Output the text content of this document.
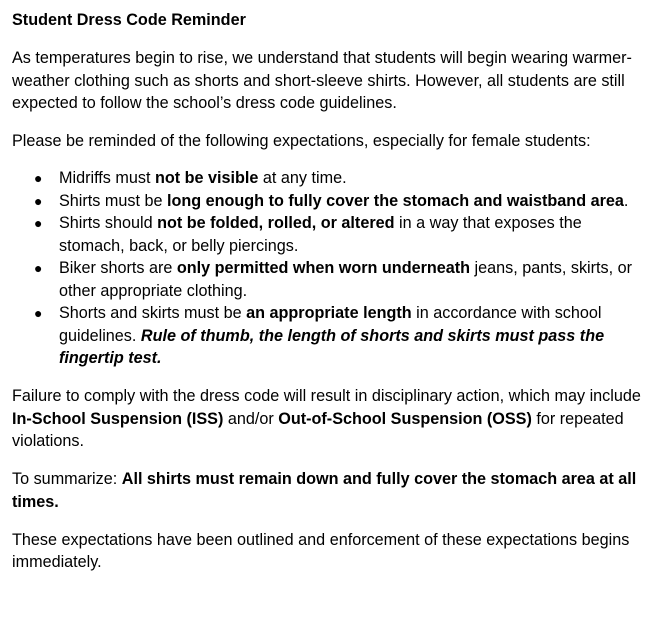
Student Dress Code Reminder

As temperatures begin to rise, we understand that students will begin wearing warmer-weather clothing such as shorts and short-sleeve shirts. However, all students are still expected to follow the school’s dress code guidelines.

Please be reminded of the following expectations, especially for female students:

● Midriffs must not be visible at any time.
● Shirts must be long enough to fully cover the stomach and waistband area.
● Shirts should not be folded, rolled, or altered in a way that exposes the stomach, back, or belly piercings.
● Biker shorts are only permitted when worn underneath jeans, pants, skirts, or other appropriate clothing.
● Shorts and skirts must be an appropriate length in accordance with school guidelines. Rule of thumb, the length of shorts and skirts must pass the fingertip test.

Failure to comply with the dress code will result in disciplinary action, which may include In-School Suspension (ISS) and/or Out-of-School Suspension (OSS) for repeated violations.

To summarize: All shirts must remain down and fully cover the stomach area at all times.

These expectations have been outlined and enforcement of these expectations begins immediately.
